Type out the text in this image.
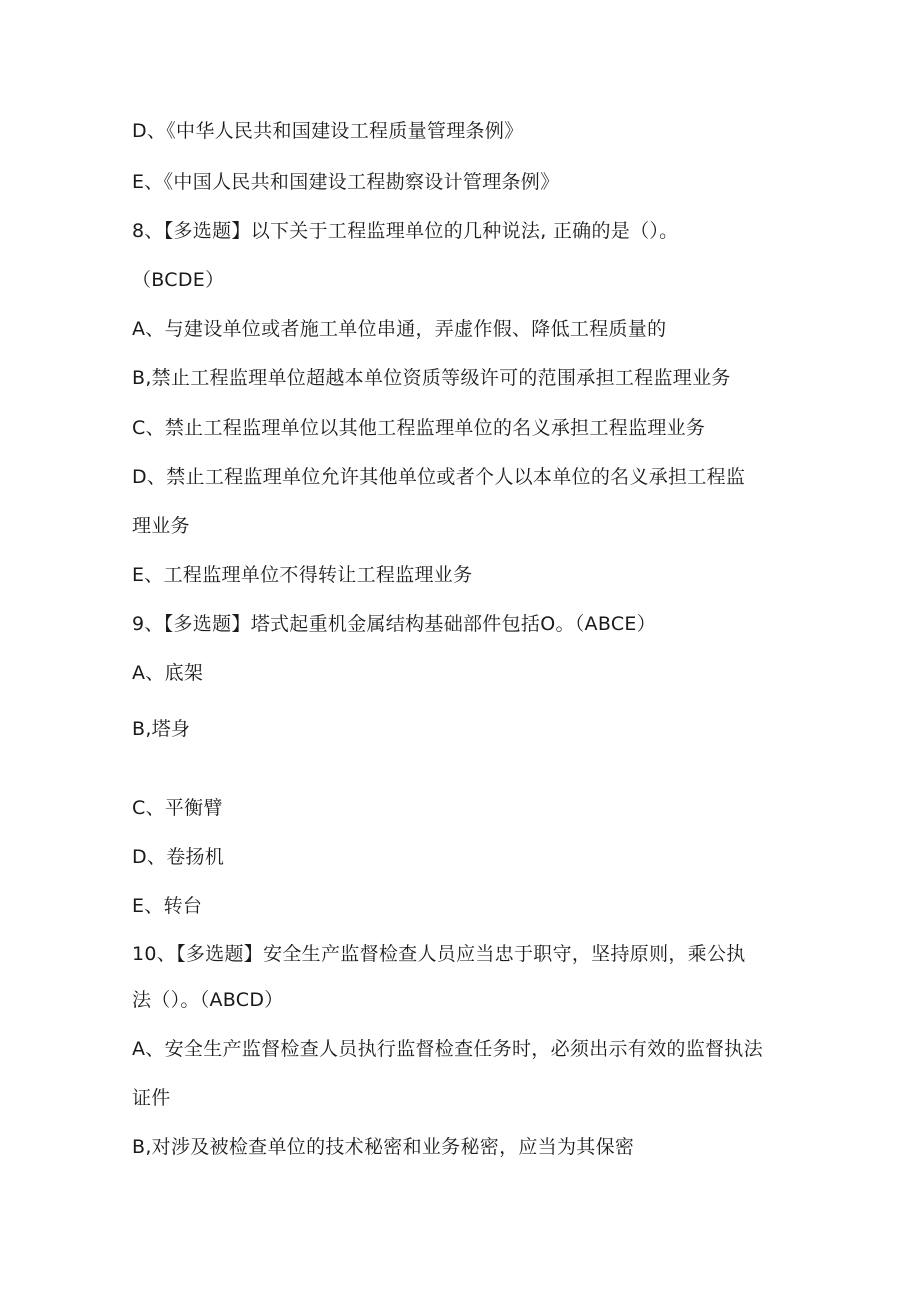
D、《中华人民共和国建设工程质量管理条例》
E、《中国人民共和国建设工程勘察设计管理条例》
8、【多选题】以下关于工程监理单位的几种说法, 正确的是（）。
（BCDE）
A、与建设单位或者施工单位串通，弄虚作假、降低工程质量的
B,禁止工程监理单位超越本单位资质等级许可的范围承担工程监理业务
C、禁止工程监理单位以其他工程监理单位的名义承担工程监理业务
D、禁止工程监理单位允许其他单位或者个人以本单位的名义承担工程监
理业务
E、工程监理单位不得转让工程监理业务
9、【多选题】塔式起重机金属结构基础部件包括O。（ABCE）
A、底架
B,塔身
C、平衡臂
D、卷扬机
E、转台
10、【多选题】安全生产监督检查人员应当忠于职守，坚持原则，乘公执
法（）。（ABCD）
A、安全生产监督检查人员执行监督检查任务时，必须出示有效的监督执法
证件
B,对涉及被检查单位的技术秘密和业务秘密，应当为其保密
